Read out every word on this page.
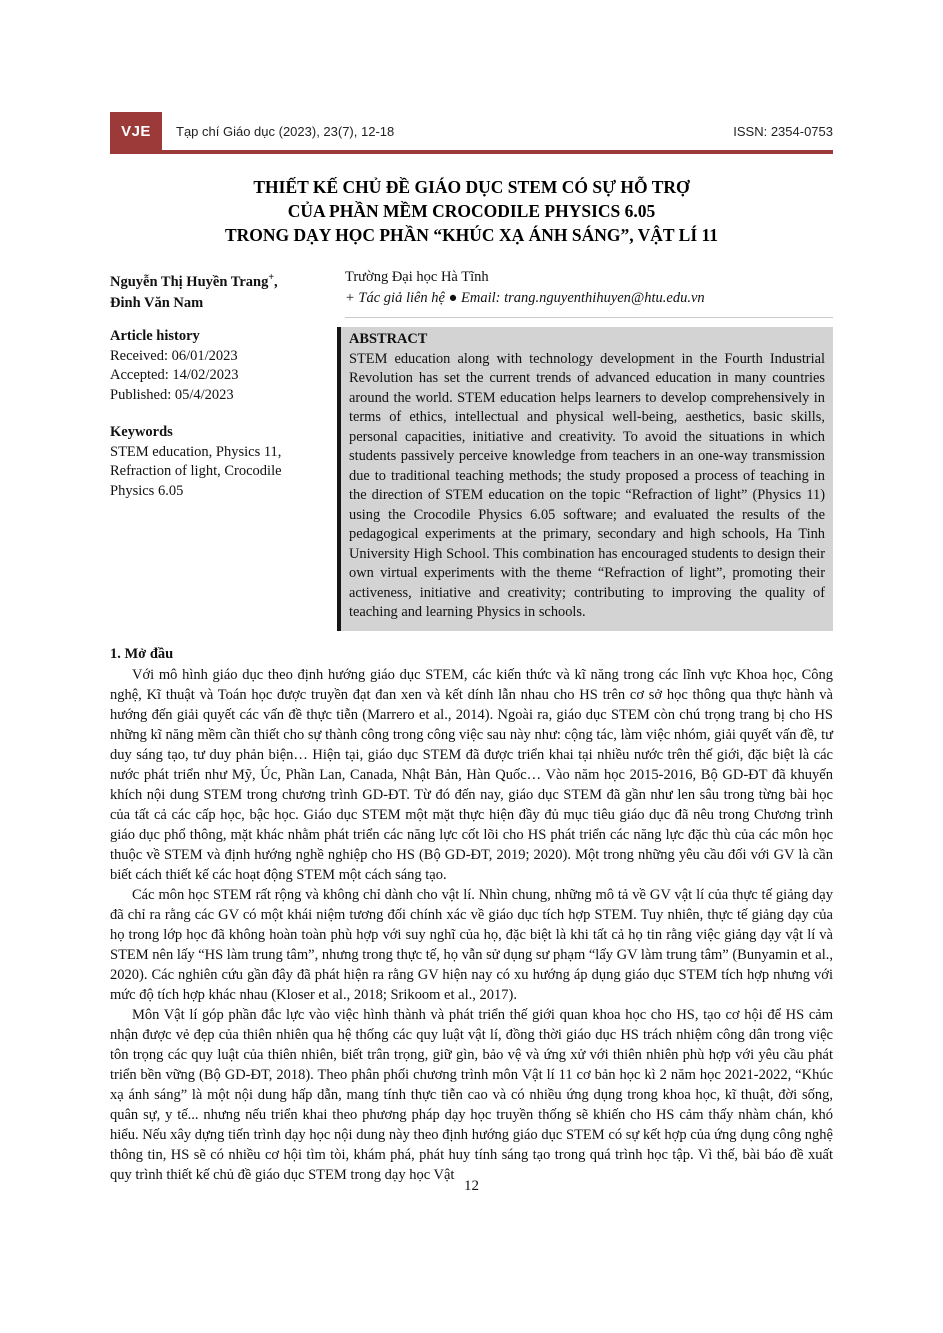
VJE	Tạp chí Giáo dục (2023), 23(7), 12-18	ISSN: 2354-0753
THIẾT KẾ CHỦ ĐỀ GIÁO DỤC STEM CÓ SỰ HỖ TRỢ
CỦA PHẦN MỀM CROCODILE PHYSICS 6.05
TRONG DẠY HỌC PHẦN “KHÚC XẠ ÁNH SÁNG”, VẬT LÍ 11
Nguyễn Thị Huyền Trang+,
Đinh Văn Nam
Trường Đại học Hà Tĩnh
+ Tác giả liên hệ ● Email: trang.nguyenthihuyen@htu.edu.vn
Article history
Received: 06/01/2023
Accepted: 14/02/2023
Published: 05/4/2023
Keywords
STEM education, Physics 11, Refraction of light, Crocodile Physics 6.05
ABSTRACT
STEM education along with technology development in the Fourth Industrial Revolution has set the current trends of advanced education in many countries around the world. STEM education helps learners to develop comprehensively in terms of ethics, intellectual and physical well-being, aesthetics, basic skills, personal capacities, initiative and creativity. To avoid the situations in which students passively perceive knowledge from teachers in an one-way transmission due to traditional teaching methods; the study proposed a process of teaching in the direction of STEM education on the topic “Refraction of light” (Physics 11) using the Crocodile Physics 6.05 software; and evaluated the results of the pedagogical experiments at the primary, secondary and high schools, Ha Tinh University High School. This combination has encouraged students to design their own virtual experiments with the theme “Refraction of light”, promoting their activeness, initiative and creativity; contributing to improving the quality of teaching and learning Physics in schools.
1. Mở đầu

Với mô hình giáo dục theo định hướng giáo dục STEM, các kiến thức và kĩ năng trong các lĩnh vực Khoa học, Công nghệ, Kĩ thuật và Toán học được truyền đạt đan xen và kết dính lẫn nhau cho HS trên cơ sở học thông qua thực hành và hướng đến giải quyết các vấn đề thực tiễn (Marrero et al., 2014). Ngoài ra, giáo dục STEM còn chú trọng trang bị cho HS những kĩ năng mềm cần thiết cho sự thành công trong công việc sau này như: cộng tác, làm việc nhóm, giải quyết vấn đề, tư duy sáng tạo, tư duy phản biện… Hiện tại, giáo dục STEM đã được triển khai tại nhiều nước trên thế giới, đặc biệt là các nước phát triển như Mỹ, Úc, Phần Lan, Canada, Nhật Bản, Hàn Quốc… Vào năm học 2015-2016, Bộ GD-ĐT đã khuyến khích nội dung STEM trong chương trình GD-ĐT. Từ đó đến nay, giáo dục STEM đã gần như len sâu trong từng bài học của tất cả các cấp học, bậc học. Giáo dục STEM một mặt thực hiện đầy đủ mục tiêu giáo dục đã nêu trong Chương trình giáo dục phổ thông, mặt khác nhằm phát triển các năng lực cốt lõi cho HS phát triển các năng lực đặc thù của các môn học thuộc về STEM và định hướng nghề nghiệp cho HS (Bộ GD-ĐT, 2019; 2020). Một trong những yêu cầu đối với GV là cần biết cách thiết kế các hoạt động STEM một cách sáng tạo.

Các môn học STEM rất rộng và không chỉ dành cho vật lí. Nhìn chung, những mô tả về GV vật lí của thực tế giảng dạy đã chỉ ra rằng các GV có một khái niệm tương đối chính xác về giáo dục tích hợp STEM. Tuy nhiên, thực tế giảng dạy của họ trong lớp học đã không hoàn toàn phù hợp với suy nghĩ của họ, đặc biệt là khi tất cả họ tin rằng việc giảng dạy vật lí và STEM nên lấy “HS làm trung tâm”, nhưng trong thực tế, họ vẫn sử dụng sư phạm “lấy GV làm trung tâm” (Bunyamin et al., 2020). Các nghiên cứu gần đây đã phát hiện ra rằng GV hiện nay có xu hướng áp dụng giáo dục STEM tích hợp nhưng với mức độ tích hợp khác nhau (Kloser et al., 2018; Srikoom et al., 2017).

Môn Vật lí góp phần đắc lực vào việc hình thành và phát triển thế giới quan khoa học cho HS, tạo cơ hội để HS cảm nhận được vẻ đẹp của thiên nhiên qua hệ thống các quy luật vật lí, đồng thời giáo dục HS trách nhiệm công dân trong việc tôn trọng các quy luật của thiên nhiên, biết trân trọng, giữ gìn, bảo vệ và ứng xử với thiên nhiên phù hợp với yêu cầu phát triển bền vững (Bộ GD-ĐT, 2018). Theo phân phối chương trình môn Vật lí 11 cơ bản học kì 2 năm học 2021-2022, “Khúc xạ ánh sáng” là một nội dung hấp dẫn, mang tính thực tiễn cao và có nhiều ứng dụng trong khoa học, kĩ thuật, đời sống, quân sự, y tế... nhưng nếu triển khai theo phương pháp dạy học truyền thống sẽ khiến cho HS cảm thấy nhàm chán, khó hiểu. Nếu xây dựng tiến trình dạy học nội dung này theo định hướng giáo dục STEM có sự kết hợp của ứng dụng công nghệ thông tin, HS sẽ có nhiều cơ hội tìm tòi, khám phá, phát huy tính sáng tạo trong quá trình học tập. Vì thế, bài báo đề xuất quy trình thiết kế chủ đề giáo dục STEM trong dạy học Vật

12
